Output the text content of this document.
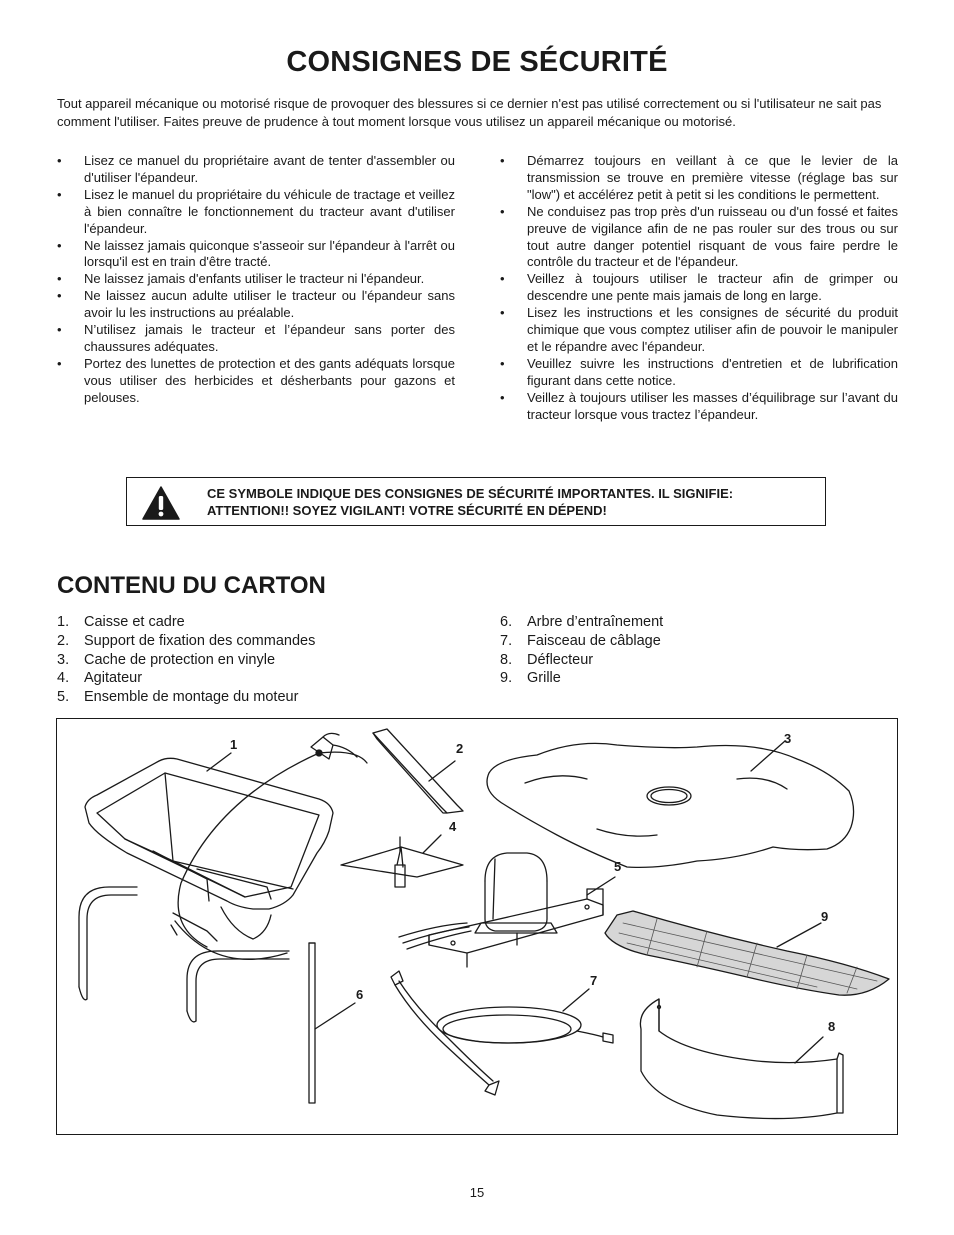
CONSIGNES DE SÉCURITÉ

Tout appareil mécanique ou motorisé risque de provoquer des blessures si ce dernier n'est pas utilisé correctement ou si l'utilisateur ne sait pas comment l'utiliser. Faites preuve de prudence à tout moment lorsque vous utilisez un appareil mécanique ou motorisé.

• Lisez ce manuel du propriétaire avant de tenter d'assembler ou d'utiliser l'épandeur.
• Lisez le manuel du propriétaire du véhicule de tractage et veillez à bien connaître le fonctionnement du tracteur avant d'utiliser l'épandeur.
• Ne laissez jamais quiconque s'asseoir sur l'épandeur à l'arrêt ou lorsqu'il est en train d'être tracté.
• Ne laissez jamais d'enfants utiliser le tracteur ni l'épandeur.
• Ne laissez aucun adulte utiliser le tracteur ou l'épandeur sans avoir lu les instructions au préalable.
• N’utilisez jamais le tracteur et l’épandeur sans porter des chaussures adéquates.
• Portez des lunettes de protection et des gants adéquats lorsque vous utiliser des herbicides et désherbants pour gazons et pelouses.
• Démarrez toujours en veillant à ce que le levier de la transmission se trouve en première vitesse (réglage bas sur "low") et accélérez petit à petit si les conditions le permettent.
• Ne conduisez pas trop près d'un ruisseau ou d'un fossé et faites preuve de vigilance afin de ne pas rouler sur des trous ou sur tout autre danger potentiel risquant de vous faire perdre le contrôle du tracteur et de l'épandeur.
• Veillez à toujours utiliser le tracteur afin de grimper ou descendre une pente mais jamais de long en large.
• Lisez les instructions et les consignes de sécurité du produit chimique que vous comptez utiliser afin de pouvoir le manipuler et le répandre avec l'épandeur.
• Veuillez suivre les instructions d'entretien et de lubrification figurant dans cette notice.
• Veillez à toujours utiliser les masses d’équilibrage sur l’avant du tracteur lorsque vous tractez l’épandeur.
CE SYMBOLE INDIQUE DES CONSIGNES DE SÉCURITÉ IMPORTANTES. IL SIGNIFIE:
ATTENTION!! SOYEZ VIGILANT! VOTRE SÉCURITÉ EN DÉPEND!
CONTENU DU CARTON
1. Caisse et cadre
2. Support de fixation des commandes
3. Cache de protection en vinyle
4. Agitateur
5. Ensemble de montage du moteur
6. Arbre d’entraînement
7. Faisceau de câblage
8. Déflecteur
9. Grille
1	2
3
4
5
6
7
8
9
15
